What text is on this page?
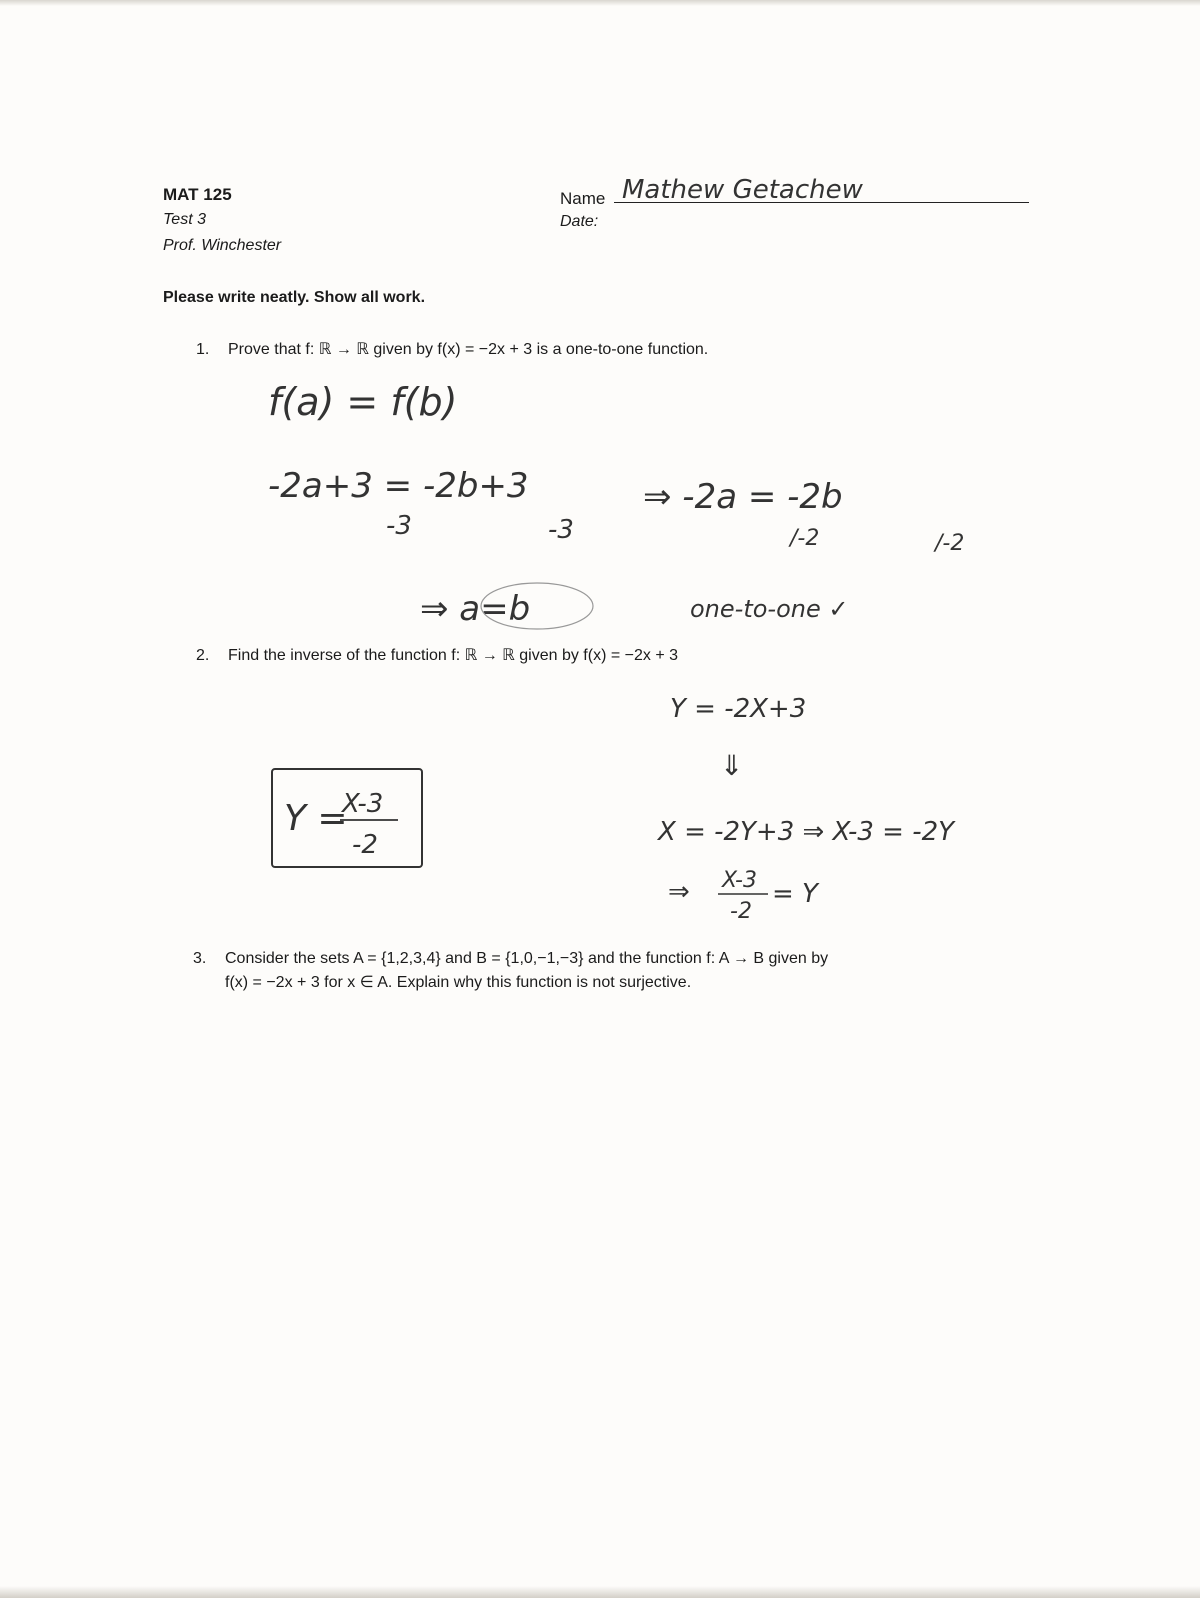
MAT 125
Test 3
Prof. Winchester
Name
Date:
Please write neatly. Show all work.
1. Prove that f: ℝ → ℝ given by f(x) = −2x + 3 is a one-to-one function.
2. Find the inverse of the function f: ℝ → ℝ given by f(x) = −2x + 3
3. Consider the sets A = {1,2,3,4} and B = {1,0,−1,−3} and the function f: A → B given by
f(x) = −2x + 3 for x ∈ A. Explain why this function is not surjective.
Mathew Getachew
f(a) = f(b)
-2a+3 = -2b+3
-3	-3
⇒ -2a = -2b
/-2	/-2
⇒ a=b	one-to-one ✓
Y = -2X+3
⇓
X = -2Y+3 ⇒ X-3 = -2Y
⇒ X-3
-2
= Y
Y =
X-3
-2
